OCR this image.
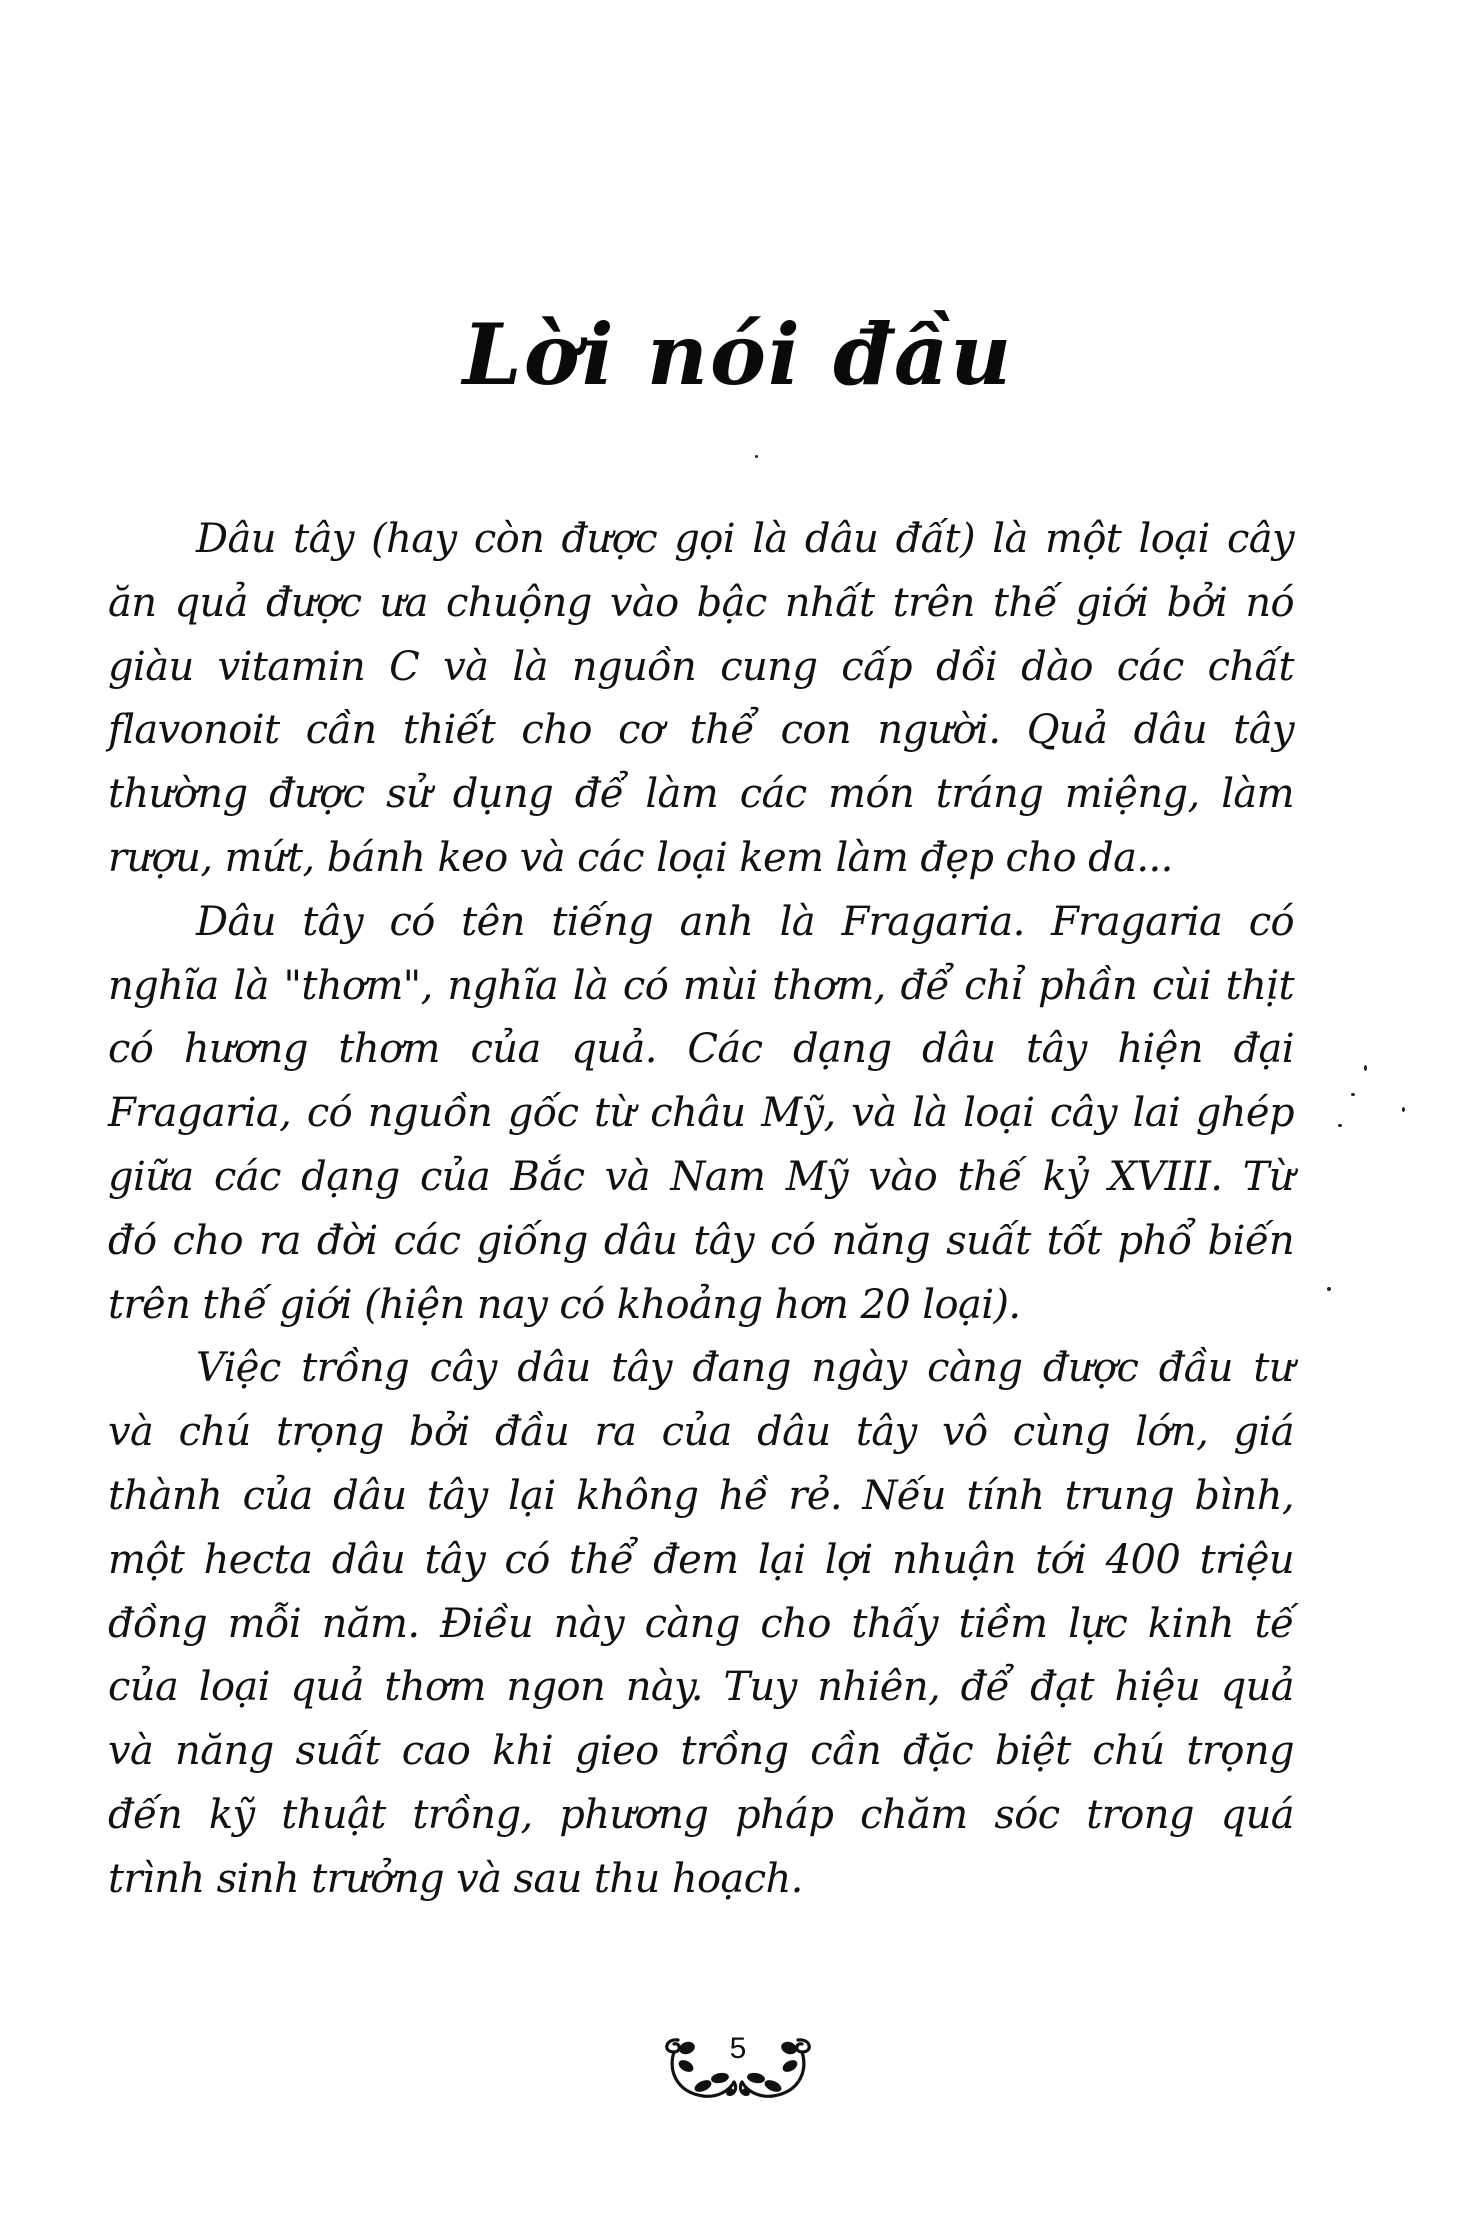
Lời nói đầu
Dâu tây (hay còn được gọi là dâu đất) là một loại cây
ăn quả được ưa chuộng vào bậc nhất trên thế giới bởi nó
giàu vitamin C và là nguồn cung cấp dồi dào các chất
flavonoit cần thiết cho cơ thể con người. Quả dâu tây
thường được sử dụng để làm các món tráng miệng, làm
rượu, mứt, bánh keo và các loại kem làm đẹp cho da...
Dâu tây có tên tiếng anh là Fragaria. Fragaria có
nghĩa là "thơm", nghĩa là có mùi thơm, để chỉ phần cùi thịt
có hương thơm của quả. Các dạng dâu tây hiện đại
Fragaria, có nguồn gốc từ châu Mỹ, và là loại cây lai ghép
giữa các dạng của Bắc và Nam Mỹ vào thế kỷ XVIII. Từ
đó cho ra đời các giống dâu tây có năng suất tốt phổ biến
trên thế giới (hiện nay có khoảng hơn 20 loại).
Việc trồng cây dâu tây đang ngày càng được đầu tư
và chú trọng bởi đầu ra của dâu tây vô cùng lớn, giá
thành của dâu tây lại không hề rẻ. Nếu tính trung bình,
một hecta dâu tây có thể đem lại lợi nhuận tới 400 triệu
đồng mỗi năm. Điều này càng cho thấy tiềm lực kinh tế
của loại quả thơm ngon này. Tuy nhiên, để đạt hiệu quả
và năng suất cao khi gieo trồng cần đặc biệt chú trọng
đến kỹ thuật trồng, phương pháp chăm sóc trong quá
trình sinh trưởng và sau thu hoạch.
5
